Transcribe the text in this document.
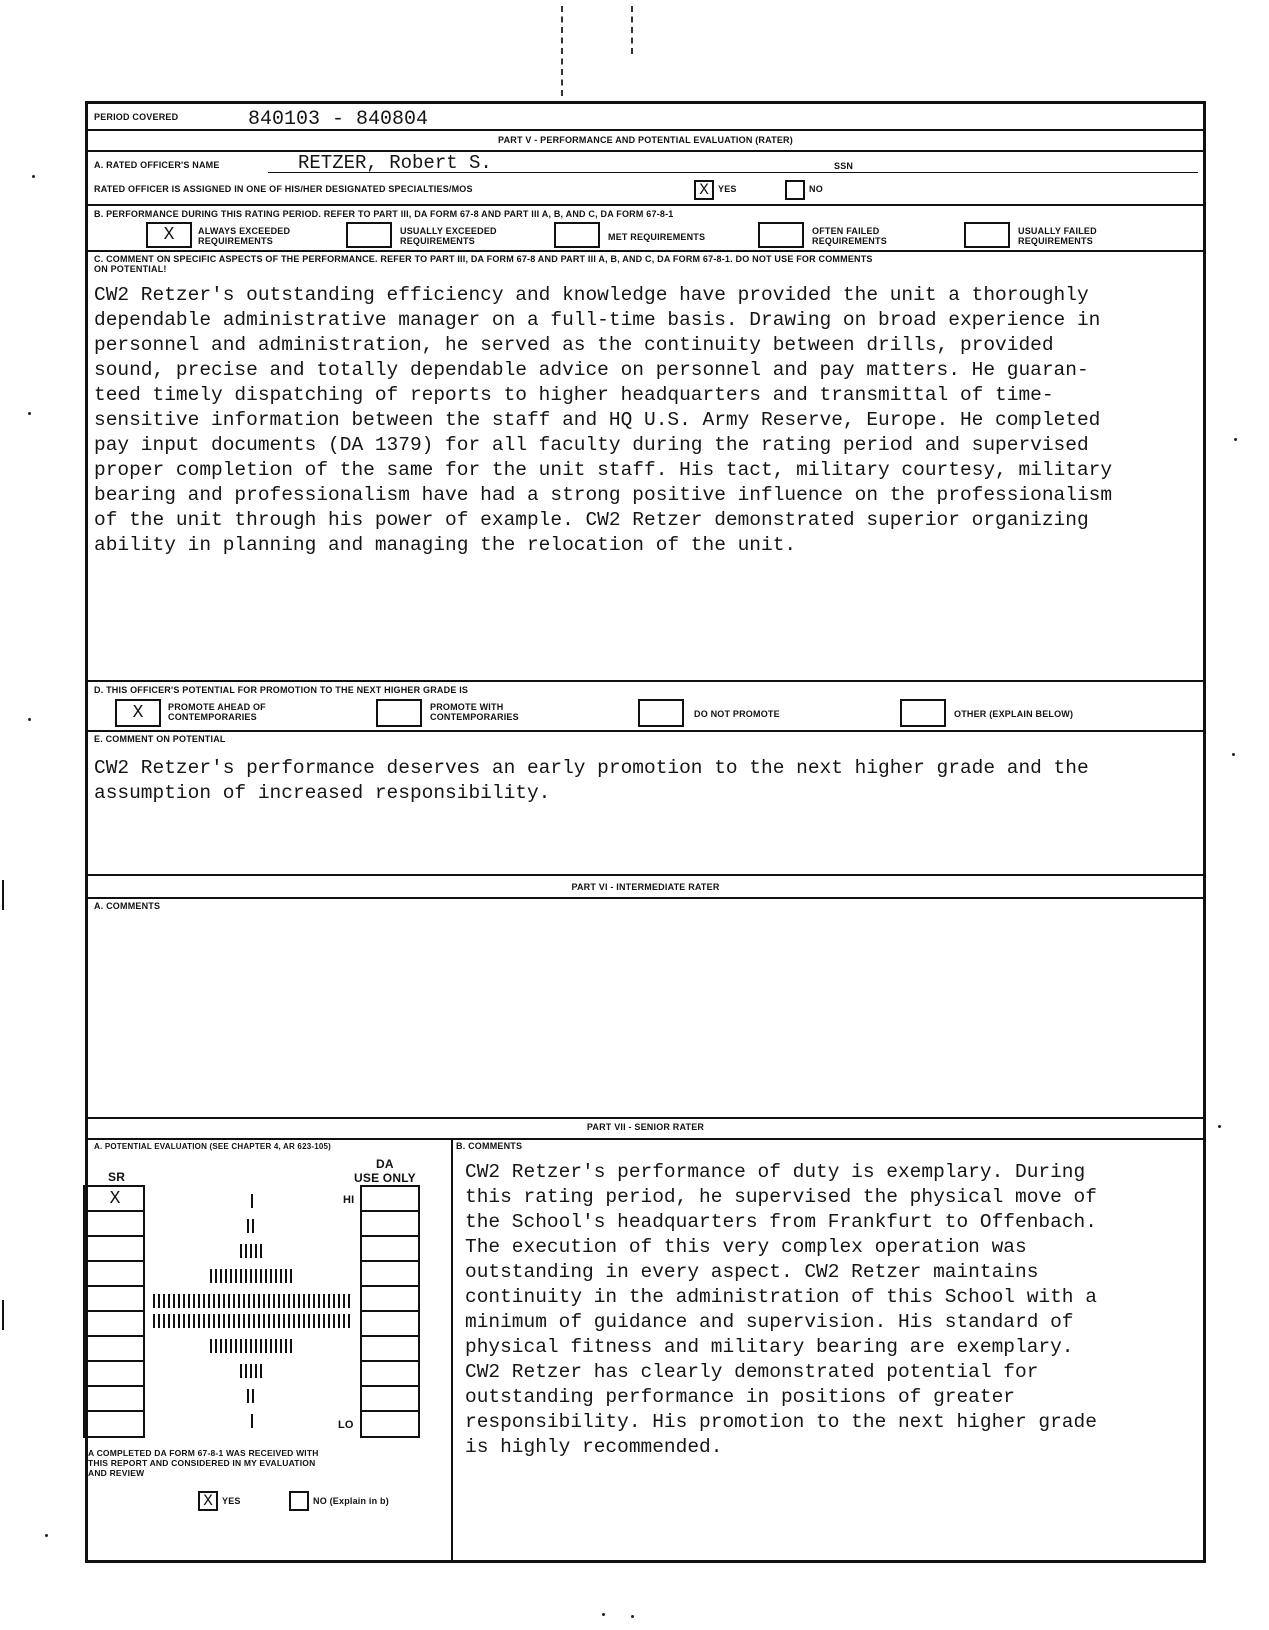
PERIOD COVERED	840103 - 840804
PART V - PERFORMANCE AND POTENTIAL EVALUATION (RATER)
A. RATED OFFICER'S NAME	RETZER, Robert S.	SSN
RATED OFFICER IS ASSIGNED IN ONE OF HIS/HER DESIGNATED SPECIALTIES/MOS	X	YES	NO
B. PERFORMANCE DURING THIS RATING PERIOD. REFER TO PART III, DA FORM 67-8 AND PART III A, B, AND C, DA FORM 67-8-1
X	ALWAYS EXCEEDED
REQUIREMENTS
USUALLY EXCEEDED
REQUIREMENTS	MET REQUIREMENTS
OFTEN FAILED
REQUIREMENTS
USUALLY FAILED
REQUIREMENTS
C. COMMENT ON SPECIFIC ASPECTS OF THE PERFORMANCE. REFER TO PART III, DA FORM 67-8 AND PART III A, B, AND C, DA FORM 67-8-1. DO NOT USE FOR COMMENTS
ON POTENTIAL!
CW2 Retzer's outstanding efficiency and knowledge have provided the unit a thoroughly
dependable administrative manager on a full-time basis. Drawing on broad experience in
personnel and administration, he served as the continuity between drills, provided
sound, precise and totally dependable advice on personnel and pay matters. He guaran-
teed timely dispatching of reports to higher headquarters and transmittal of time-
sensitive information between the staff and HQ U.S. Army Reserve, Europe. He completed
pay input documents (DA 1379) for all faculty during the rating period and supervised
proper completion of the same for the unit staff. His tact, military courtesy, military
bearing and professionalism have had a strong positive influence on the professionalism
of the unit through his power of example. CW2 Retzer demonstrated superior organizing
ability in planning and managing the relocation of the unit.
D. THIS OFFICER'S POTENTIAL FOR PROMOTION TO THE NEXT HIGHER GRADE IS
X	PROMOTE AHEAD OF
CONTEMPORARIES
PROMOTE WITH
CONTEMPORARIES	DO NOT PROMOTE	OTHER (EXPLAIN BELOW)
E. COMMENT ON POTENTIAL
CW2 Retzer's performance deserves an early promotion to the next higher grade and the
assumption of increased responsibility.
PART VI - INTERMEDIATE RATER
A. COMMENTS
PART VII - SENIOR RATER
A. POTENTIAL EVALUATION (SEE CHAPTER 4, AR 623-105)
SR
DA
USE ONLY
X	HI
LO
A COMPLETED DA FORM 67-8-1 WAS RECEIVED WITH
THIS REPORT AND CONSIDERED IN MY EVALUATION
AND REVIEW
X	YES	NO (Explain in b)
B. COMMENTS
CW2 Retzer's performance of duty is exemplary. During
this rating period, he supervised the physical move of
the School's headquarters from Frankfurt to Offenbach.
The execution of this very complex operation was
outstanding in every aspect. CW2 Retzer maintains
continuity in the administration of this School with a
minimum of guidance and supervision. His standard of
physical fitness and military bearing are exemplary.
CW2 Retzer has clearly demonstrated potential for
outstanding performance in positions of greater
responsibility. His promotion to the next higher grade
is highly recommended.
